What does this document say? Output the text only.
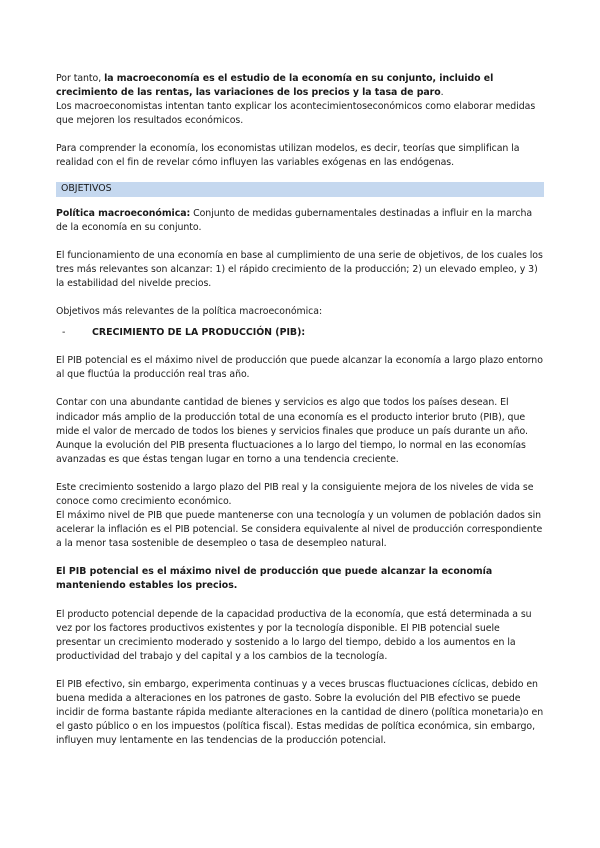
Por tanto, la macroeconomía es el estudio de la economía en su conjunto, incluido el crecimiento de las rentas, las variaciones de los precios y la tasa de paro.
Los macroeconomistas intentan tanto explicar los acontecimientoseconómicos como elaborar medidas que mejoren los resultados económicos.

Para comprender la economía, los economistas utilizan modelos, es decir, teorías que simplifican la realidad con el fin de revelar cómo influyen las variables exógenas en las endógenas.

OBJETIVOS

Política macroeconómica: Conjunto de medidas gubernamentales destinadas a influir en la marcha de la economía en su conjunto.

El funcionamiento de una economía en base al cumplimiento de una serie de objetivos, de los cuales los tres más relevantes son alcanzar: 1) el rápido crecimiento de la producción; 2) un elevado empleo, y 3) la estabilidad del nivelde precios.

Objetivos más relevantes de la política macroeconómica:

-	CRECIMIENTO DE LA PRODUCCIÓN (PIB):

El PIB potencial es el máximo nivel de producción que puede alcanzar la economía a largo plazo entorno al que fluctúa la producción real tras año.

Contar con una abundante cantidad de bienes y servicios es algo que todos los países desean. El indicador más amplio de la producción total de una economía es el producto interior bruto (PIB), que mide el valor de mercado de todos los bienes y servicios finales que produce un país durante un año. Aunque la evolución del PIB presenta fluctuaciones a lo largo del tiempo, lo normal en las economías avanzadas es que éstas tengan lugar en torno a una tendencia creciente.

Este crecimiento sostenido a largo plazo del PIB real y la consiguiente mejora de los niveles de vida se conoce como crecimiento económico.
El máximo nivel de PIB que puede mantenerse con una tecnología y un volumen de población dados sin acelerar la inflación es el PIB potencial. Se considera equivalente al nivel de producción correspondiente a la menor tasa sostenible de desempleo o tasa de desempleo natural.

El PIB potencial es el máximo nivel de producción que puede alcanzar la economía manteniendo estables los precios.

El producto potencial depende de la capacidad productiva de la economía, que está determinada a su vez por los factores productivos existentes y por la tecnología disponible. El PIB potencial suele presentar un crecimiento moderado y sostenido a lo largo del tiempo, debido a los aumentos en la productividad del trabajo y del capital y a los cambios de la tecnología.

El PIB efectivo, sin embargo, experimenta continuas y a veces bruscas fluctuaciones cíclicas, debido en buena medida a alteraciones en los patrones de gasto. Sobre la evolución del PIB efectivo se puede incidir de forma bastante rápida mediante alteraciones en la cantidad de dinero (política monetaria)o en el gasto público o en los impuestos (política fiscal). Estas medidas de política económica, sin embargo, influyen muy lentamente en las tendencias de la producción potencial.
